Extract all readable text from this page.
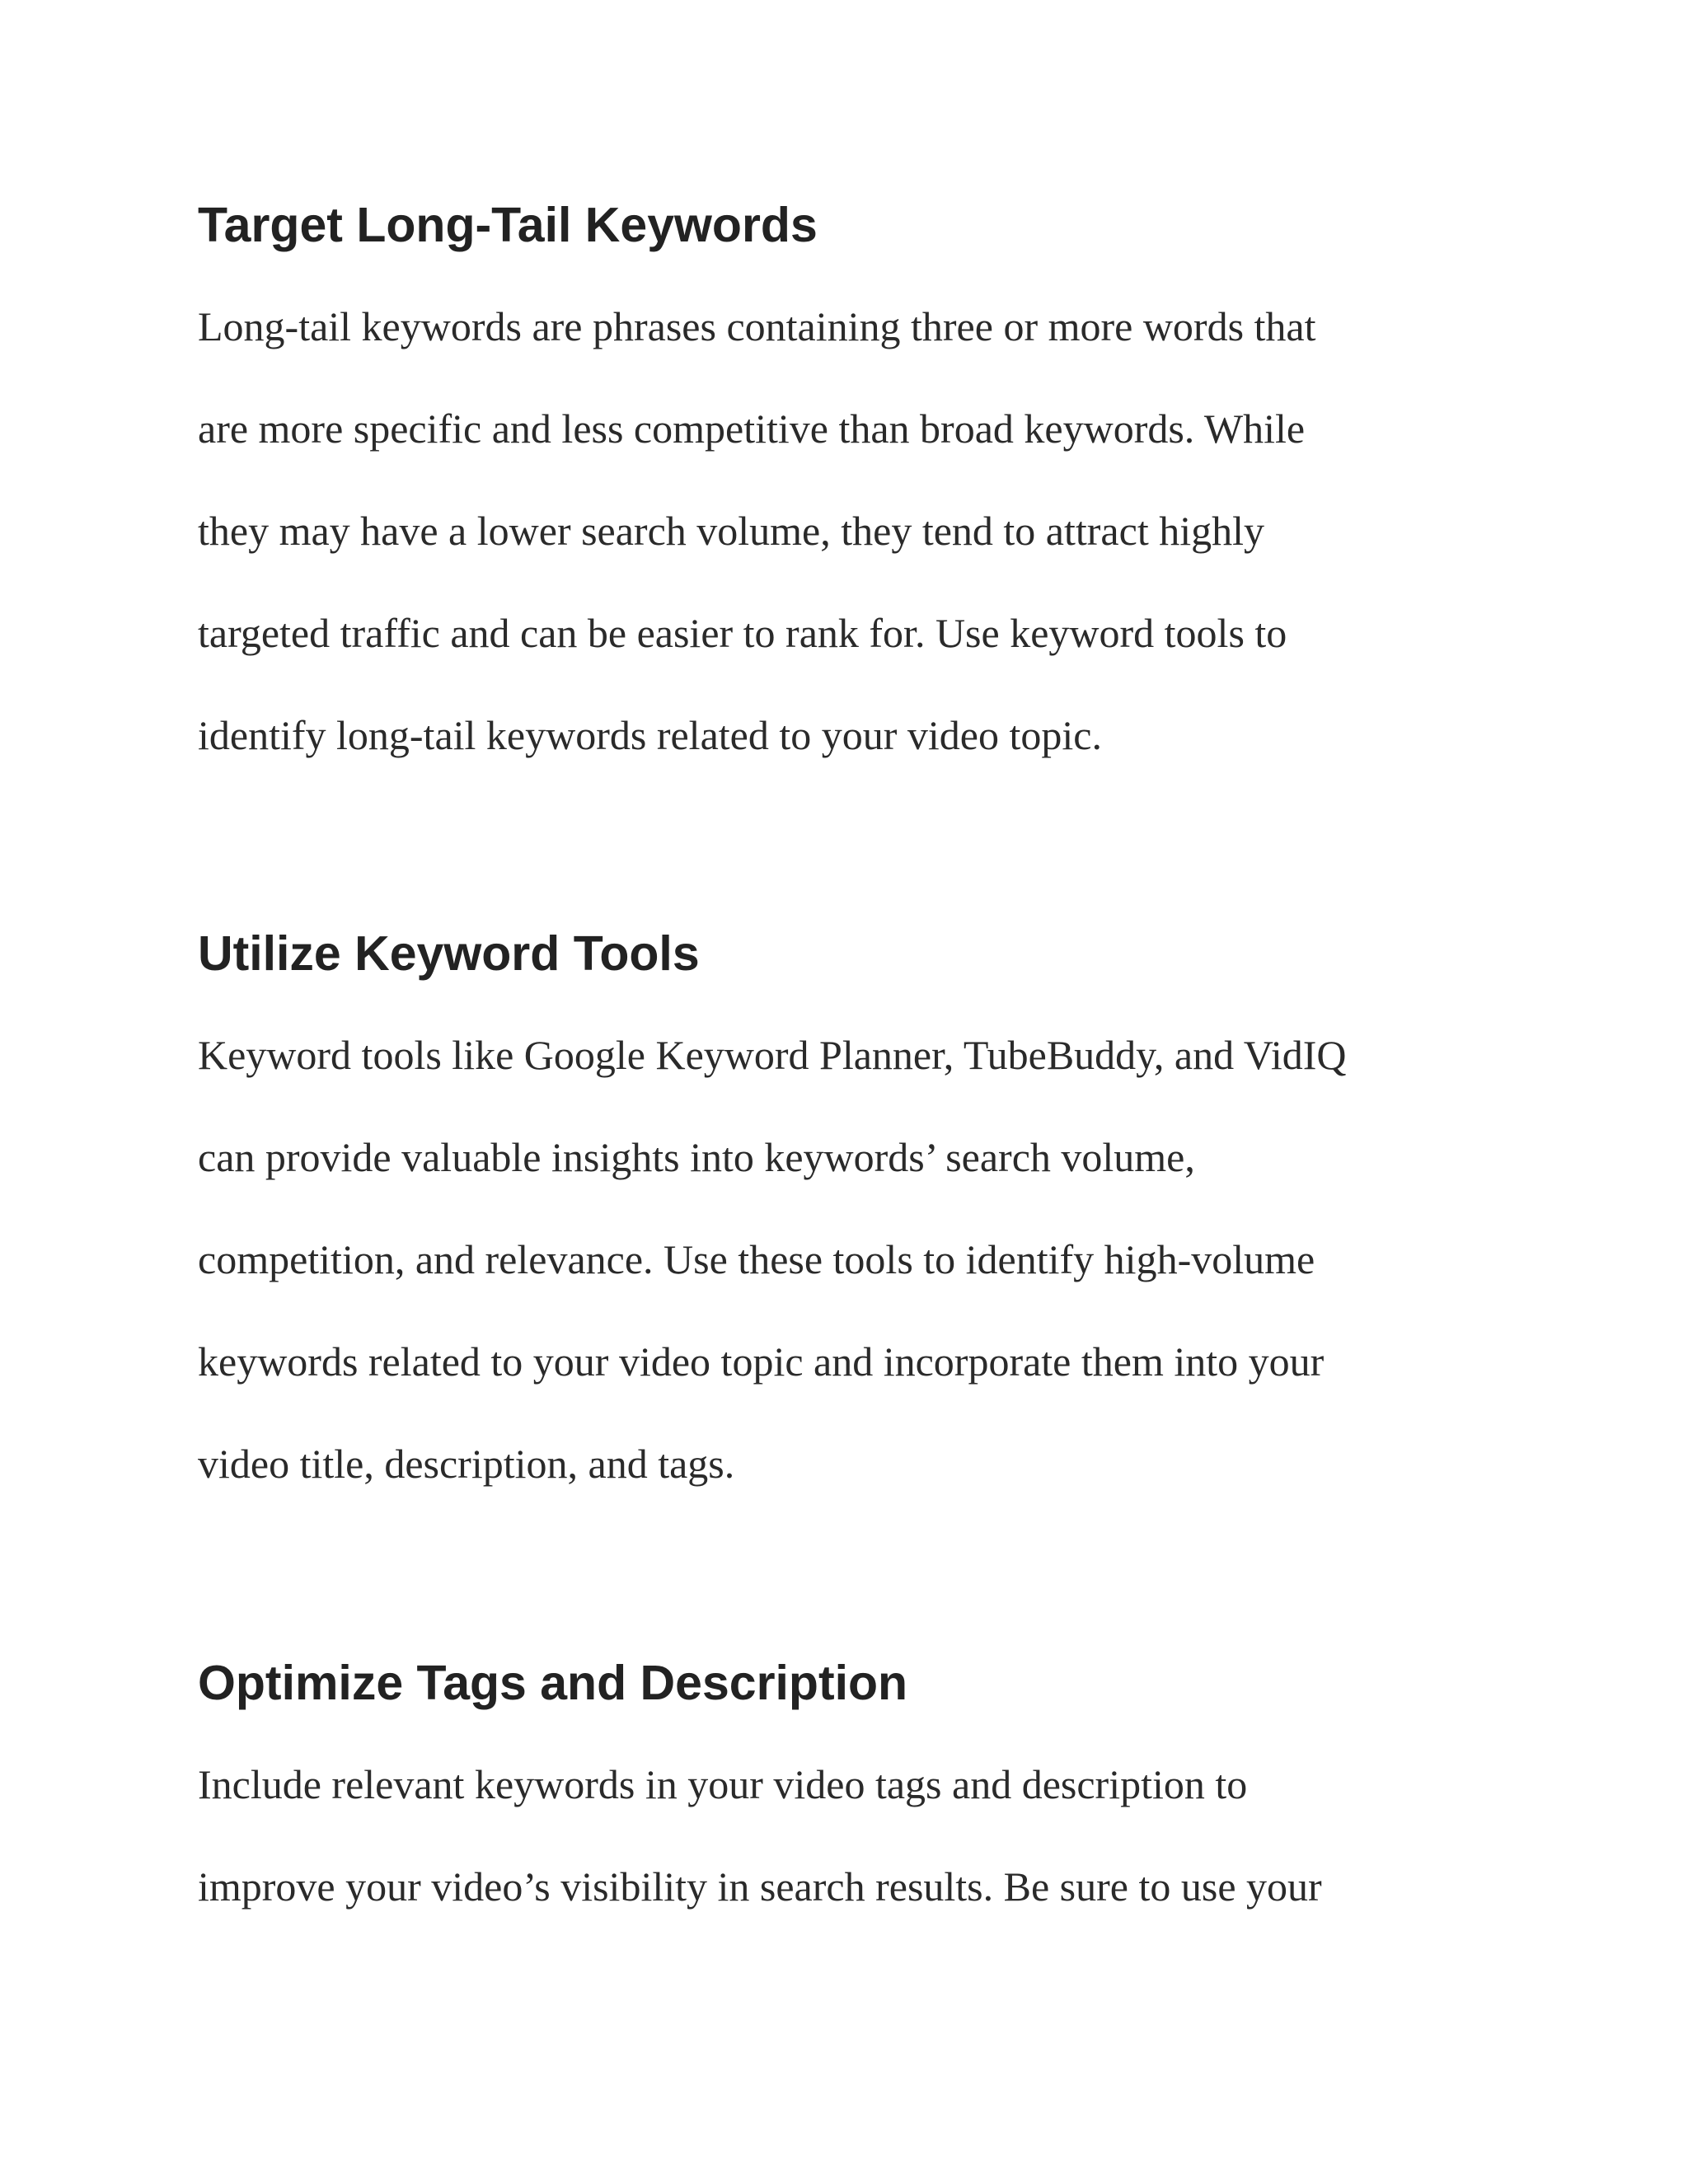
Target Long-Tail Keywords
Long-tail keywords are phrases containing three or more words that
are more specific and less competitive than broad keywords. While
they may have a lower search volume, they tend to attract highly
targeted traffic and can be easier to rank for. Use keyword tools to
identify long-tail keywords related to your video topic.
Utilize Keyword Tools
Keyword tools like Google Keyword Planner, TubeBuddy, and VidIQ
can provide valuable insights into keywords’ search volume,
competition, and relevance. Use these tools to identify high-volume
keywords related to your video topic and incorporate them into your
video title, description, and tags.
Optimize Tags and Description
Include relevant keywords in your video tags and description to
improve your video’s visibility in search results. Be sure to use your
